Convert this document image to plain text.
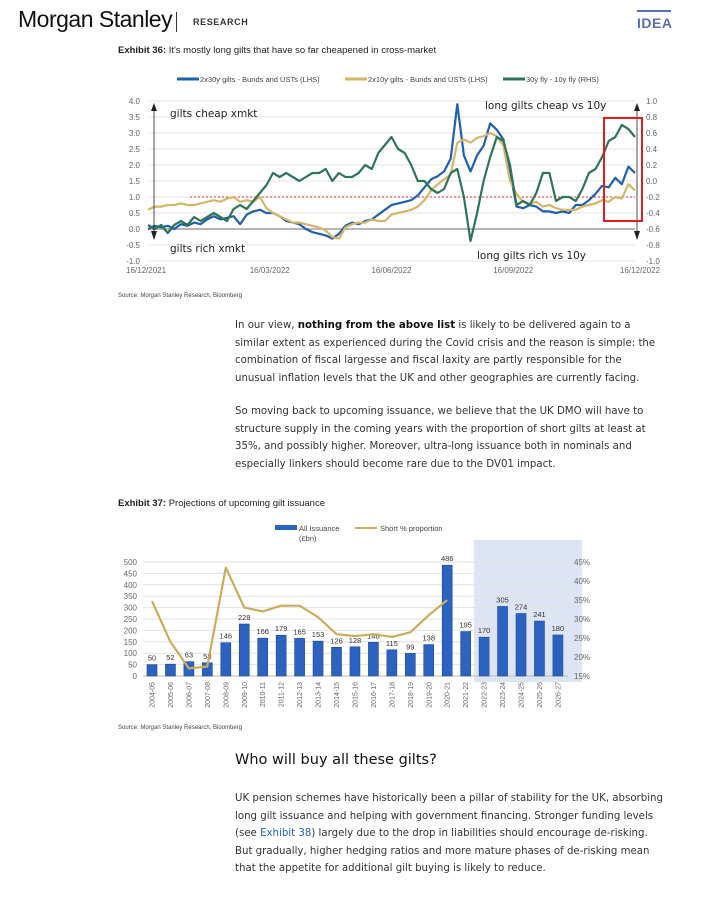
Morgan Stanley RESEARCH	IDEA
Exhibit 36: It's mostly long gilts that have so far cheapened in cross-market
4.0
3.5
3.0
2.5
2.0
1.5
1.0
0.5
0.0
-0.5
-1.0
1.0
0.8
0.6
0.4
0.2
0.0
-0.2
-0.4
-0.6
-0.8
-1.0
16/12/2021	16/03/2022	16/06/2022	16/09/2022	16/12/2022
gilts cheap xmkt
gilts rich xmkt
long gilts cheap vs 10y
long gilts rich vs 10y
2x30y gilts - Bunds and USTs (LHS)	2x10y gilts - Bunds and USTs (LHS)	30y fly - 10y fly (RHS)
Source: Morgan Stanley Research, Bloomberg
In our view, nothing from the above list is likely to be delivered again to a similar extent as experienced during the Covid crisis and the reason is simple: the combination of fiscal largesse and fiscal laxity are partly responsible for the unusual inflation levels that the UK and other geographies are currently facing.
So moving back to upcoming issuance, we believe that the UK DMO will have to structure supply in the coming years with the proportion of short gilts at least at 35%, and possibly higher. Moreover, ultra-long issuance both in nominals and especially linkers should become rare due to the DV01 impact.
Exhibit 37: Projections of upcoming gilt issuance
500
450
400
350
300
250
200
150
100
50
0
45%
40%
35%
30%
25%
20%
15%
50 52 63 58
146
228
166 179 165 153
126 128
148
115 99
138
486
195
170
305
274
241
180
2004-05 2005-06 2006-07 2007-08 2008-09 2009-10 2010-11 2011-12 2012-13 2013-14 2014-15 2015-16 2016-17 2017-18 2018-19 2019-20 2020-21 2021-22 2022-23 2023-24 2024-25 2025-26 2026-27
All Issuance
(£bn)
Short % proportion
Source: Morgan Stanley Research, Bloomberg
Who will buy all these gilts?
UK pension schemes have historically been a pillar of stability for the UK, absorbing long gilt issuance and helping with government financing. Stronger funding levels (see Exhibit 38) largely due to the drop in liabilities should encourage de-risking. But gradually, higher hedging ratios and more mature phases of de-risking mean that the appetite for additional gilt buying is likely to reduce.
